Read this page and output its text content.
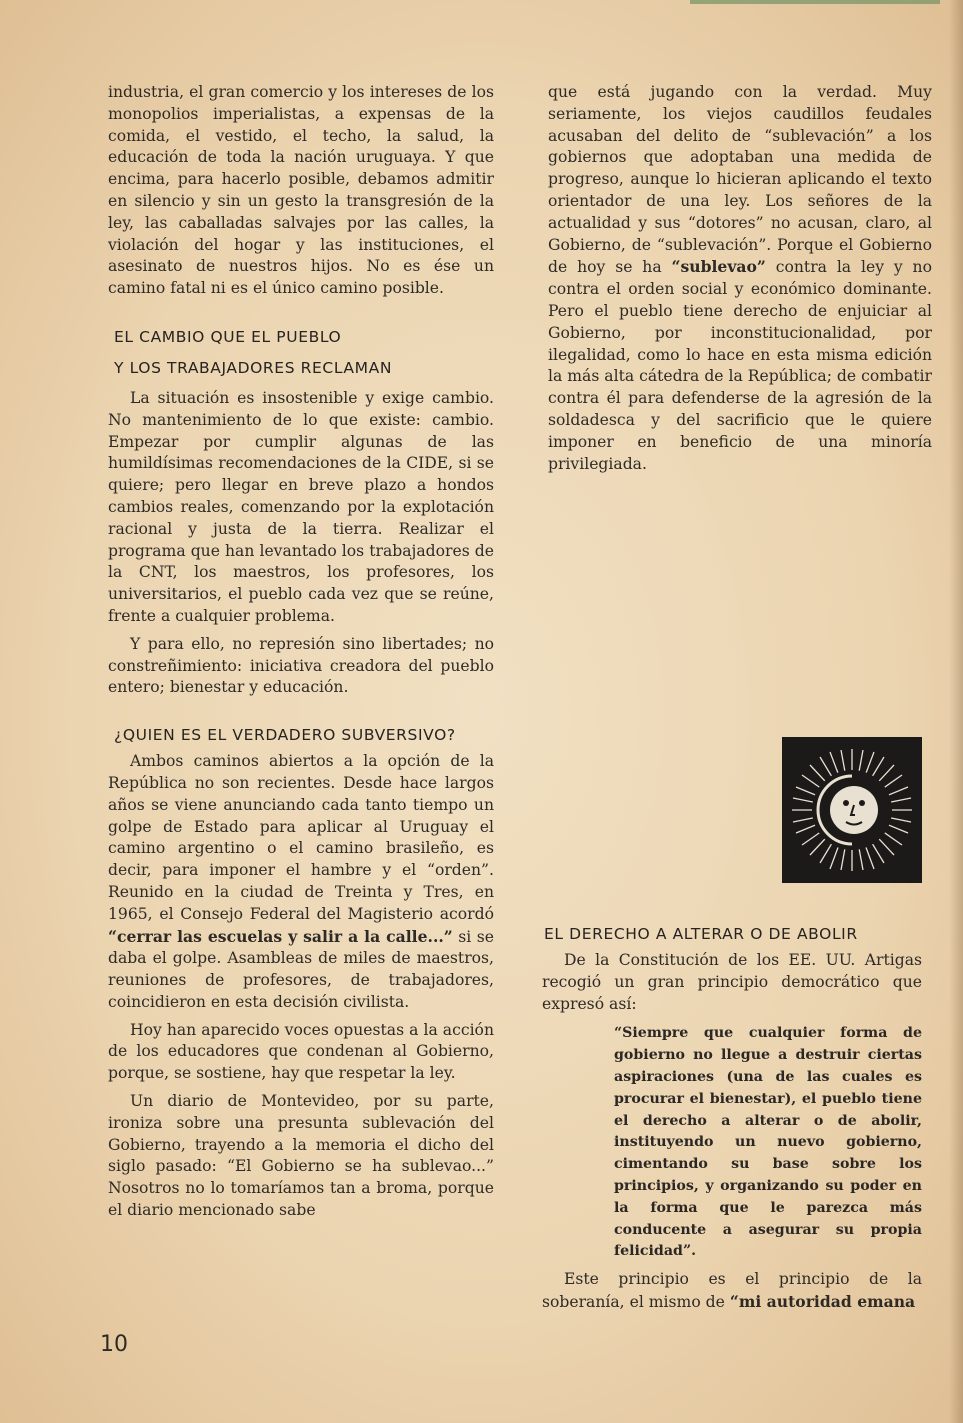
industria, el gran comercio y los intereses de los monopolios imperialistas, a expensas de la comida, el vestido, el techo, la salud, la educación de toda la nación uruguaya. Y que encima, para hacerlo posible, debamos admitir en silencio y sin un gesto la transgresión de la ley, las caballadas salvajes por las calles, la violación del hogar y las instituciones, el asesinato de nuestros hijos. No es ése un camino fatal ni es el único camino posible.

EL CAMBIO QUE EL PUEBLO
Y LOS TRABAJADORES RECLAMAN

La situación es insostenible y exige cambio. No mantenimiento de lo que existe: cambio. Empezar por cumplir algunas de las humildísimas recomendaciones de la CIDE, si se quiere; pero llegar en breve plazo a hondos cambios reales, comenzando por la explotación racional y justa de la tierra. Realizar el programa que han levantado los trabajadores de la CNT, los maestros, los profesores, los universitarios, el pueblo cada vez que se reúne, frente a cualquier problema.

Y para ello, no represión sino libertades; no constreñimiento: iniciativa creadora del pueblo entero; bienestar y educación.

¿QUIEN ES EL VERDADERO SUBVERSIVO?

Ambos caminos abiertos a la opción de la República no son recientes. Desde hace largos años se viene anunciando cada tanto tiempo un golpe de Estado para aplicar al Uruguay el camino argentino o el camino brasileño, es decir, para imponer el hambre y el “orden”. Reunido en la ciudad de Treinta y Tres, en 1965, el Consejo Federal del Magisterio acordó “cerrar las escuelas y salir a la calle...” si se daba el golpe. Asambleas de miles de maestros, reuniones de profesores, de trabajadores, coincidieron en esta decisión civilista.

Hoy han aparecido voces opuestas a la acción de los educadores que condenan al Gobierno, porque, se sostiene, hay que respetar la ley.

Un diario de Montevideo, por su parte, ironiza sobre una presunta sublevación del Gobierno, trayendo a la memoria el dicho del siglo pasado: “El Gobierno se ha sublevao...” Nosotros no lo tomaríamos tan a broma, porque el diario mencionado sabe

que está jugando con la verdad. Muy seriamente, los viejos caudillos feudales acusaban del delito de “sublevación” a los gobiernos que adoptaban una medida de progreso, aunque lo hicieran aplicando el texto orientador de una ley. Los señores de la actualidad y sus “dotores” no acusan, claro, al Gobierno, de “sublevación”. Porque el Gobierno de hoy se ha “sublevao” contra la ley y no contra el orden social y económico dominante. Pero el pueblo tiene derecho de enjuiciar al Gobierno, por inconstitucionalidad, por ilegalidad, como lo hace en esta misma edición la más alta cátedra de la República; de combatir contra él para defenderse de la agresión de la soldadesca y del sacrificio que le quiere imponer en beneficio de una minoría privilegiada.

EL DERECHO A ALTERAR O DE ABOLIR

De la Constitución de los EE. UU. Artigas recogió un gran principio democrático que expresó así:

“Siempre que cualquier forma de gobierno no llegue a destruir ciertas aspiraciones (una de las cuales es procurar el bienestar), el pueblo tiene el derecho a alterar o de abolir, instituyendo un nuevo gobierno, cimentando su base sobre los principios, y organizando su poder en la forma que le parezca más conducente a asegurar su propia felicidad”.

Este principio es el principio de la soberanía, el mismo de “mi autoridad emana

10
